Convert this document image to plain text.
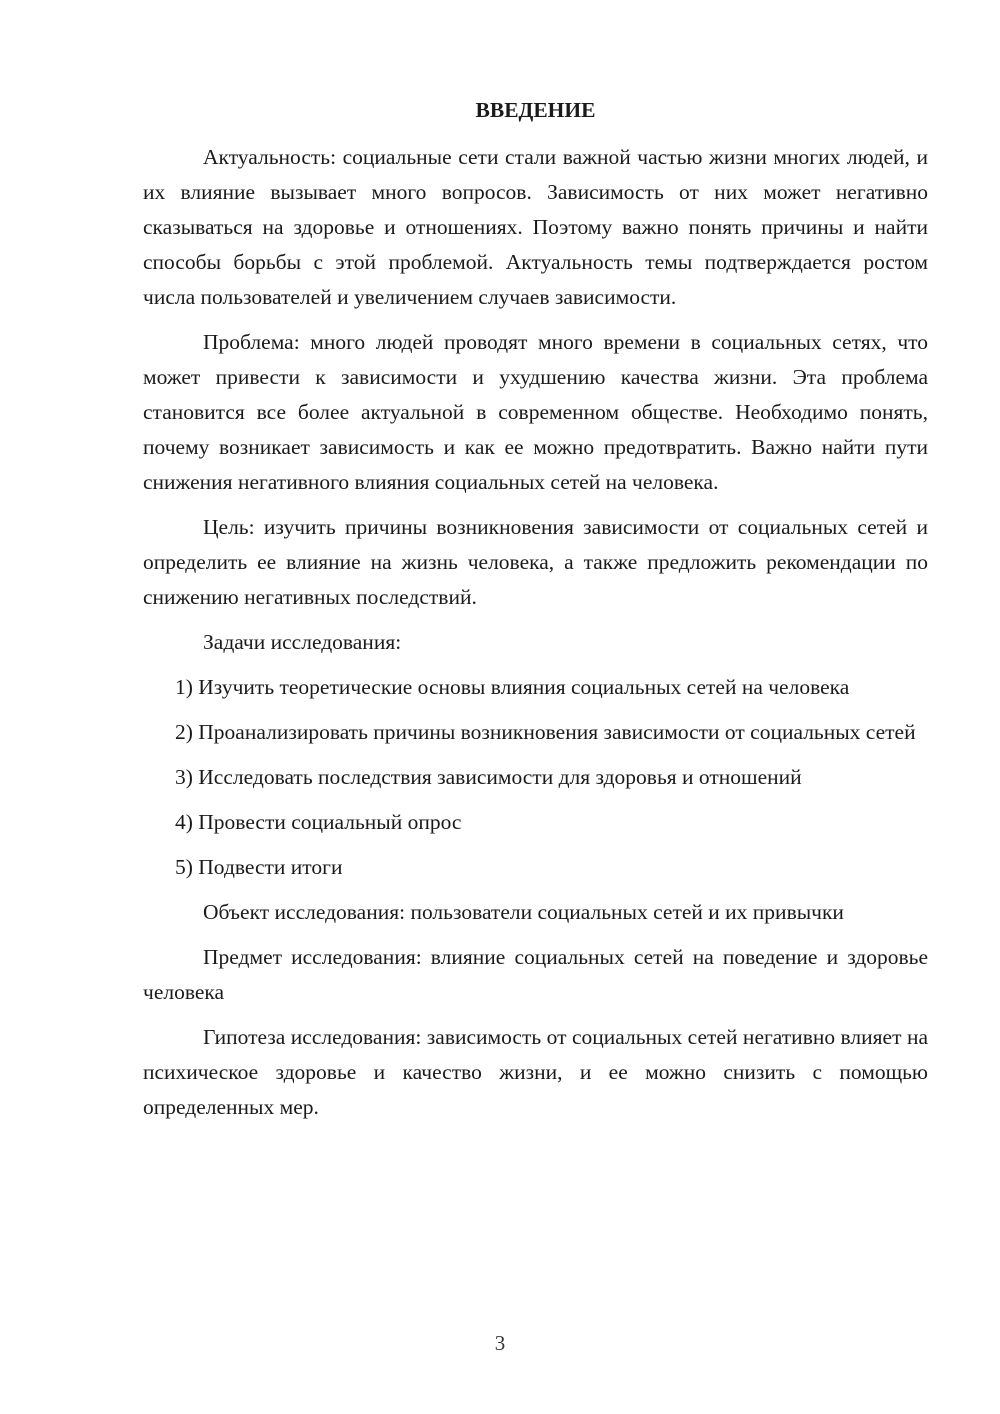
ВВЕДЕНИЕ

Актуальность: социальные сети стали важной частью жизни многих людей, и их влияние вызывает много вопросов. Зависимость от них может негативно сказываться на здоровье и отношениях. Поэтому важно понять причины и найти способы борьбы с этой проблемой. Актуальность темы подтверждается ростом числа пользователей и увеличением случаев зависимости.

Проблема: много людей проводят много времени в социальных сетях, что может привести к зависимости и ухудшению качества жизни. Эта проблема становится все более актуальной в современном обществе. Необходимо понять, почему возникает зависимость и как ее можно предотвратить. Важно найти пути снижения негативного влияния социальных сетей на человека.

Цель: изучить причины возникновения зависимости от социальных сетей и определить ее влияние на жизнь человека, а также предложить рекомендации по снижению негативных последствий.

Задачи исследования:

1) Изучить теоретические основы влияния социальных сетей на человека

2) Проанализировать причины возникновения зависимости от социальных сетей

3) Исследовать последствия зависимости для здоровья и отношений

4) Провести социальный опрос

5) Подвести итоги

Объект исследования: пользователи социальных сетей и их привычки

Предмет исследования: влияние социальных сетей на поведение и здоровье человека

Гипотеза исследования: зависимость от социальных сетей негативно влияет на психическое здоровье и качество жизни, и ее можно снизить с помощью определенных мер.

3
